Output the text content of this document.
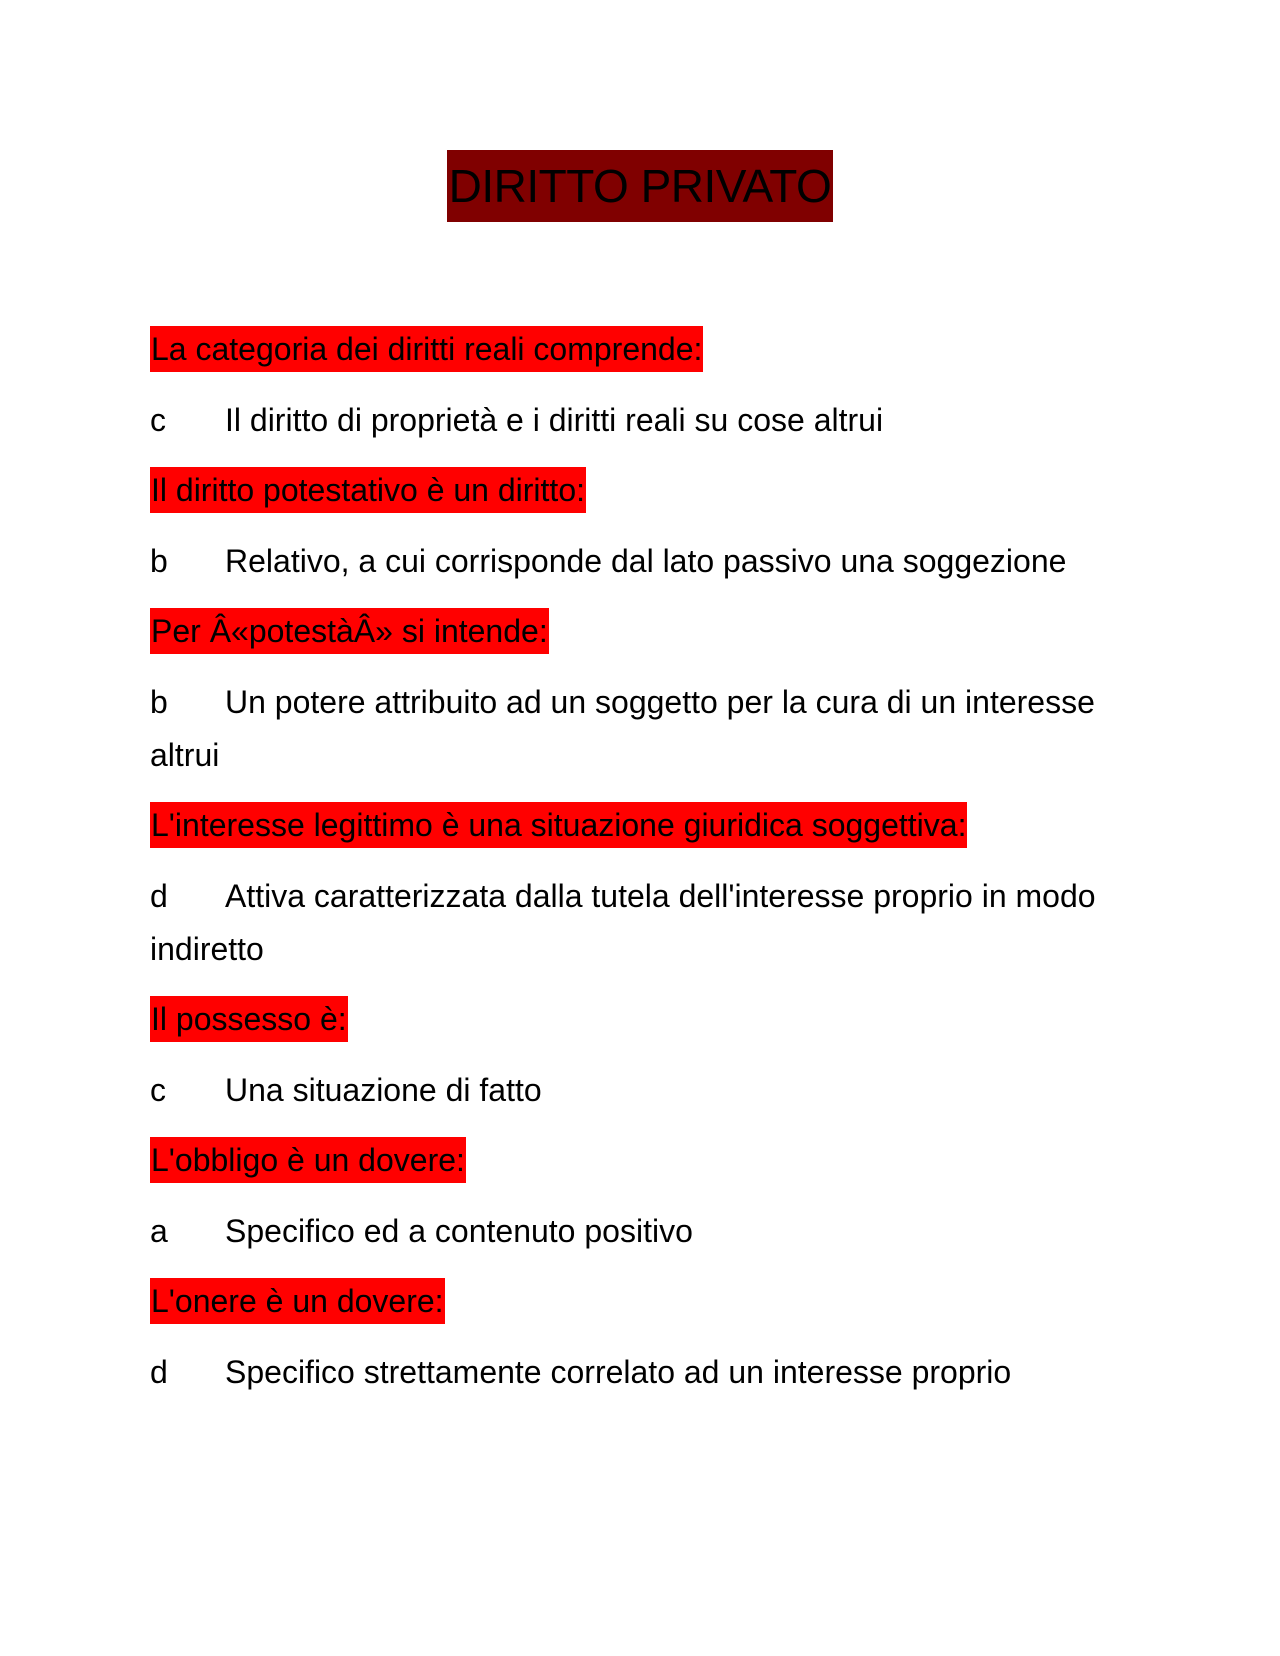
DIRITTO PRIVATO
La categoria dei diritti reali comprende:
c Il diritto di proprietà e i diritti reali su cose altrui
Il diritto potestativo è un diritto:
b Relativo, a cui corrisponde dal lato passivo una soggezione
Per Â«potestàÂ» si intende:
b Un potere attribuito ad un soggetto per la cura di un interesse altrui
L'interesse legittimo è una situazione giuridica soggettiva:
d Attiva caratterizzata dalla tutela dell'interesse proprio in modo indiretto
Il possesso è:
c Una situazione di fatto
L'obbligo è un dovere:
a Specifico ed a contenuto positivo
L'onere è un dovere:
d Specifico strettamente correlato ad un interesse proprio
